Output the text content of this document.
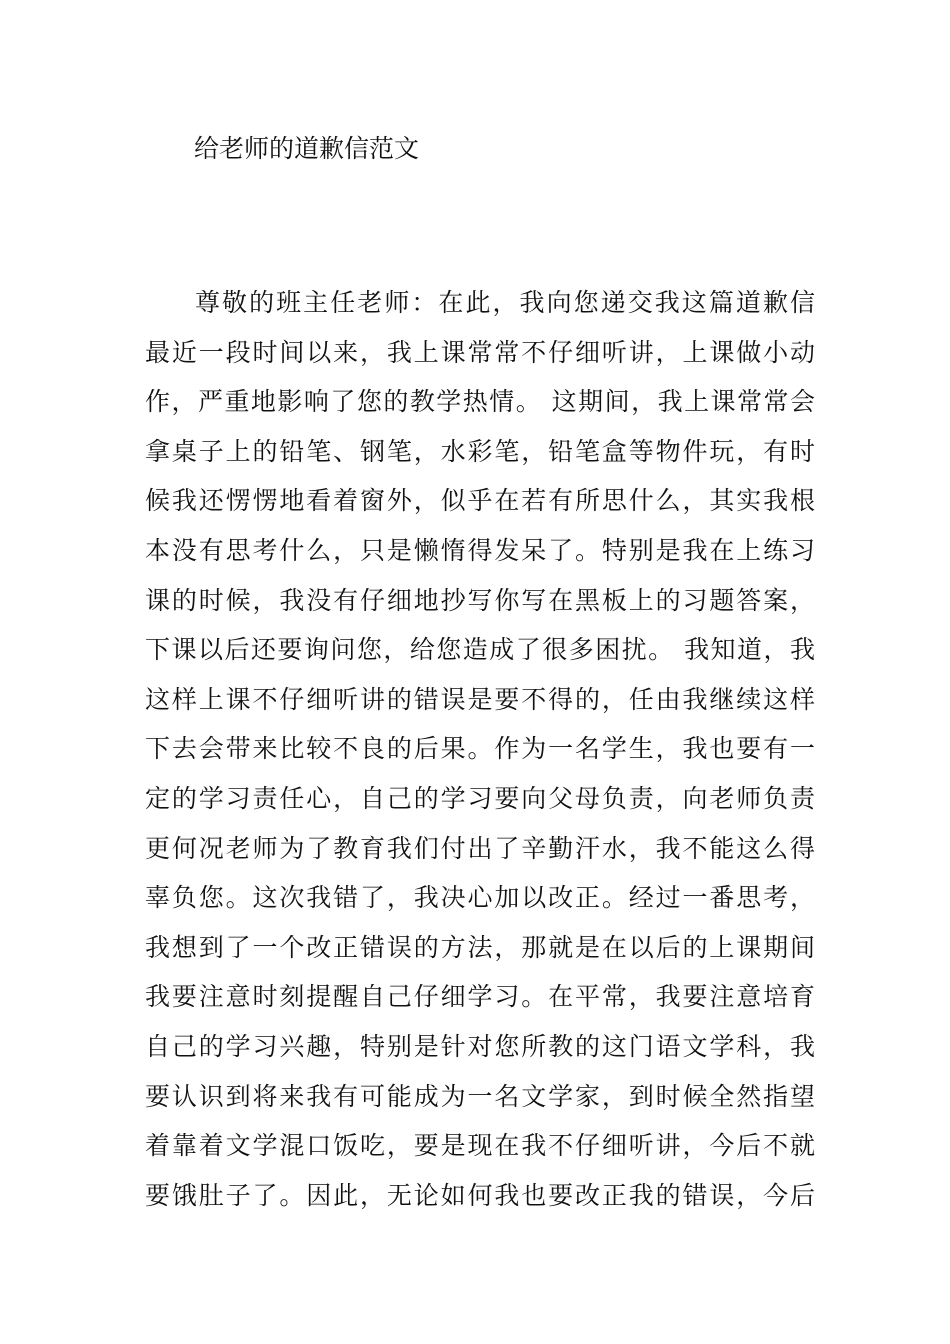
给老师的道歉信范文
尊敬的班主任老师：在此，我向您递交我这篇道歉信
最近一段时间以来，我上课常常不仔细听讲，上课做小动
作，严重地影响了您的教学热情。 这期间，我上课常常会
拿桌子上的铅笔、钢笔，水彩笔，铅笔盒等物件玩，有时
候我还愣愣地看着窗外，似乎在若有所思什么，其实我根
本没有思考什么，只是懒惰得发呆了。特别是我在上练习
课的时候，我没有仔细地抄写你写在黑板上的习题答案，
下课以后还要询问您，给您造成了很多困扰。 我知道，我
这样上课不仔细听讲的错误是要不得的，任由我继续这样
下去会带来比较不良的后果。作为一名学生，我也要有一
定的学习责任心，自己的学习要向父母负责，向老师负责
更何况老师为了教育我们付出了辛勤汗水，我不能这么得
辜负您。这次我错了，我决心加以改正。经过一番思考，
我想到了一个改正错误的方法，那就是在以后的上课期间
我要注意时刻提醒自己仔细学习。在平常，我要注意培育
自己的学习兴趣，特别是针对您所教的这门语文学科，我
要认识到将来我有可能成为一名文学家，到时候全然指望
着靠着文学混口饭吃，要是现在我不仔细听讲，今后不就
要饿肚子了。因此，无论如何我也要改正我的错误，今后
